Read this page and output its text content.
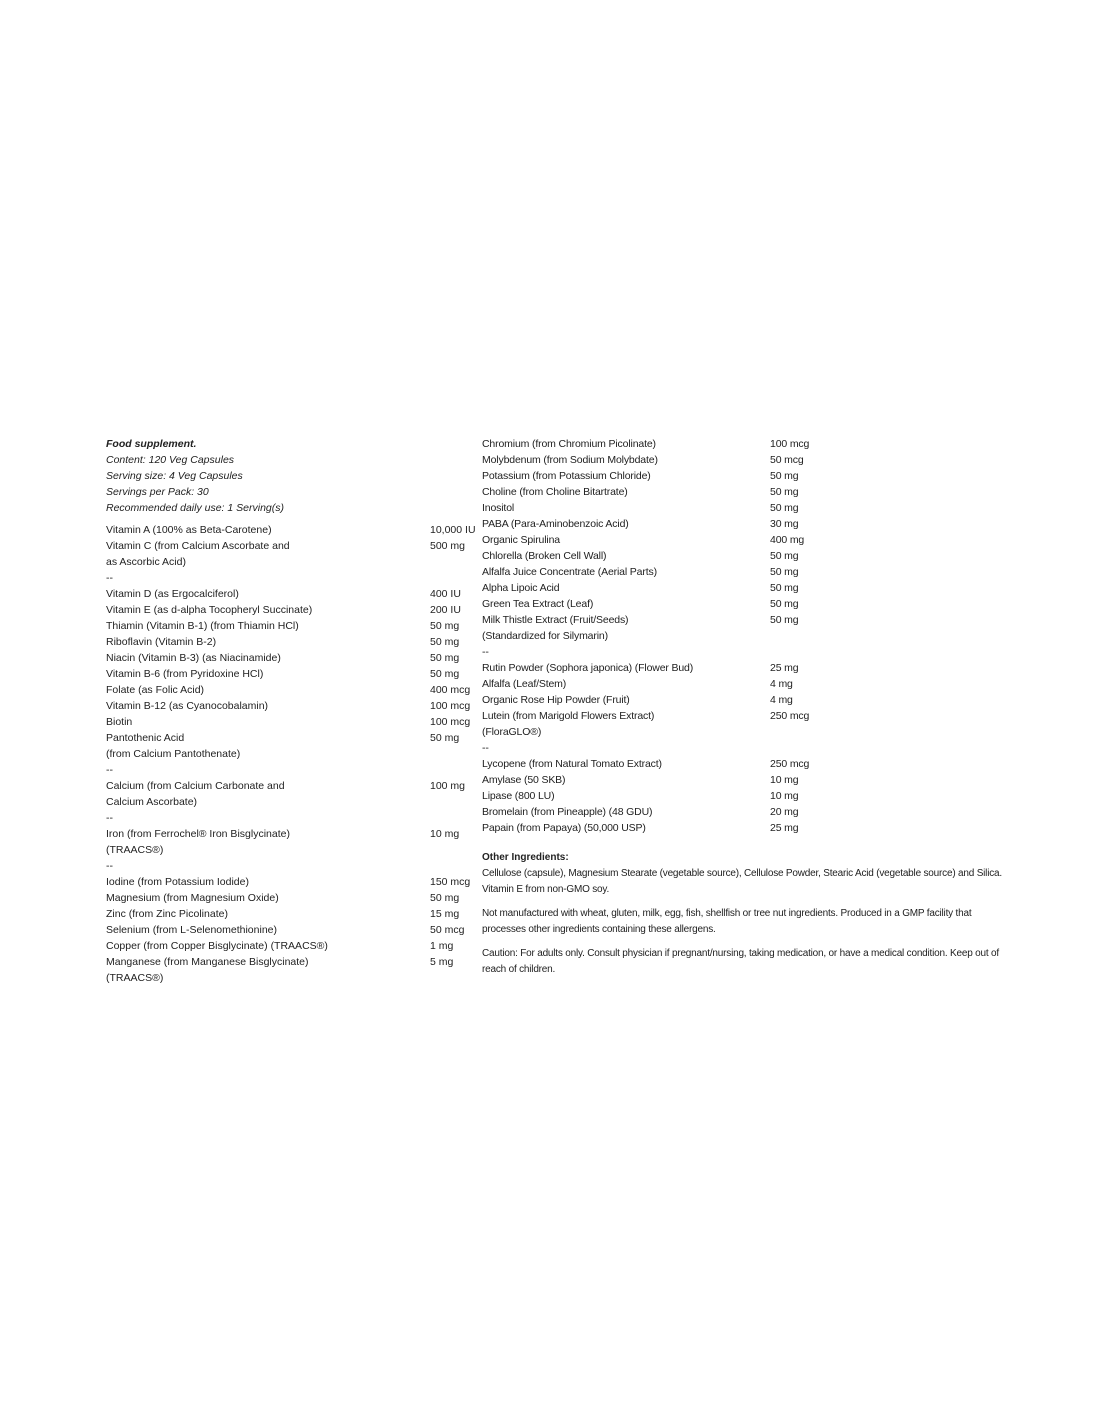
Food supplement.
Content: 120 Veg Capsules
Serving size: 4 Veg Capsules
Servings per Pack: 30
Recommended daily use: 1 Serving(s)
Vitamin A (100% as Beta-Carotene)	10,000 IU
Vitamin C (from Calcium Ascorbate and	500 mg
as Ascorbic Acid)
--
Vitamin D (as Ergocalciferol)	400 IU
Vitamin E (as d-alpha Tocopheryl Succinate)	200 IU
Thiamin (Vitamin B-1) (from Thiamin HCl)	50 mg
Riboflavin (Vitamin B-2)	50 mg
Niacin (Vitamin B-3) (as Niacinamide)	50 mg
Vitamin B-6 (from Pyridoxine HCl)	50 mg
Folate (as Folic Acid)	400 mcg
Vitamin B-12 (as Cyanocobalamin)	100 mcg
Biotin	100 mcg
Pantothenic Acid	50 mg
(from Calcium Pantothenate)
--
Calcium (from Calcium Carbonate and	100 mg
Calcium Ascorbate)
--
Iron (from Ferrochel® Iron Bisglycinate)	10 mg
(TRAACS®)
--
Iodine (from Potassium Iodide)	150 mcg
Magnesium (from Magnesium Oxide)	50 mg
Zinc (from Zinc Picolinate)	15 mg
Selenium (from L-Selenomethionine)	50 mcg
Copper (from Copper Bisglycinate) (TRAACS®)	1 mg
Manganese (from Manganese Bisglycinate)	5 mg
(TRAACS®)
Chromium (from Chromium Picolinate)	100 mcg
Molybdenum (from Sodium Molybdate)	50 mcg
Potassium (from Potassium Chloride)	50 mg
Choline (from Choline Bitartrate)	50 mg
Inositol	50 mg
PABA (Para-Aminobenzoic Acid)	30 mg
Organic Spirulina	400 mg
Chlorella (Broken Cell Wall)	50 mg
Alfalfa Juice Concentrate (Aerial Parts)	50 mg
Alpha Lipoic Acid	50 mg
Green Tea Extract (Leaf)	50 mg
Milk Thistle Extract (Fruit/Seeds)	50 mg
(Standardized for Silymarin)
--
Rutin Powder (Sophora japonica) (Flower Bud)	25 mg
Alfalfa (Leaf/Stem)	4 mg
Organic Rose Hip Powder (Fruit)	4 mg
Lutein (from Marigold Flowers Extract)	250 mcg
(FloraGLO®)
--
Lycopene (from Natural Tomato Extract)	250 mcg
Amylase (50 SKB)	10 mg
Lipase (800 LU)	10 mg
Bromelain (from Pineapple) (48 GDU)	20 mg
Papain (from Papaya) (50,000 USP)	25 mg
Other Ingredients:
Cellulose (capsule), Magnesium Stearate (vegetable source), Cellulose Powder, Stearic Acid (vegetable source) and Silica. Vitamin E from non-GMO soy.
Not manufactured with wheat, gluten, milk, egg, fish, shellfish or tree nut ingredients. Produced in a GMP facility that processes other ingredients containing these allergens.
Caution: For adults only. Consult physician if pregnant/nursing, taking medication, or have a medical condition. Keep out of reach of children.
